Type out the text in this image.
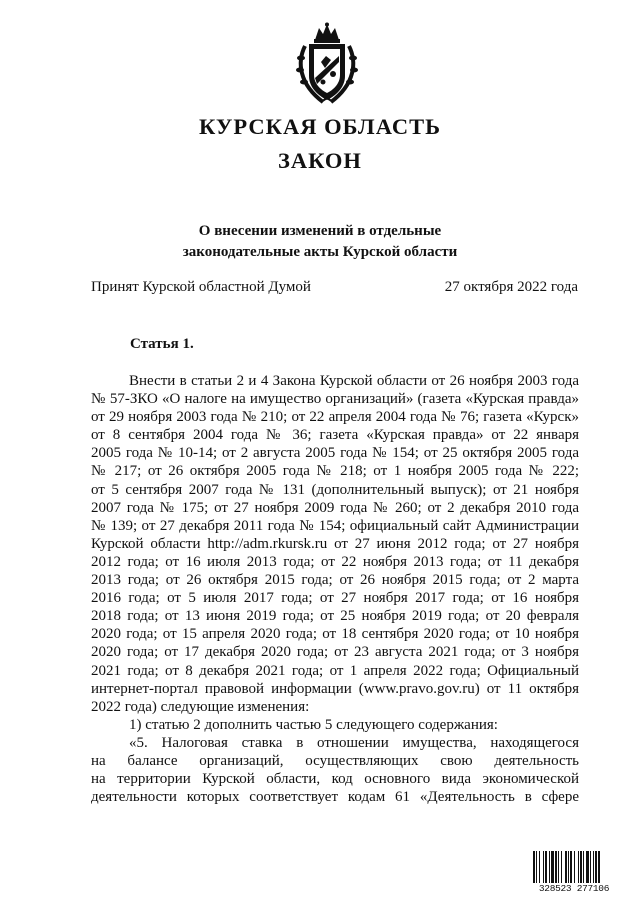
КУРСКАЯ ОБЛАСТЬ
ЗАКОН
О внесении изменений в отдельные
законодательные акты Курской области
Принят Курской областной Думой	27 октября 2022 года
Статья 1.
Внести в статьи 2 и 4 Закона Курской области от 26 ноября 2003 года
№ 57-ЗКО «О налоге на имущество организаций» (газета «Курская правда»
от 29 ноября 2003 года № 210; от 22 апреля 2004 года № 76; газета «Курск»
от 8 сентября 2004 года № 36; газета «Курская правда» от 22 января
2005 года № 10-14; от 2 августа 2005 года № 154; от 25 октября 2005 года
№ 217; от 26 октября 2005 года № 218; от 1 ноября 2005 года № 222;
от 5 сентября 2007 года № 131 (дополнительный выпуск); от 21 ноября
2007 года № 175; от 27 ноября 2009 года № 260; от 2 декабря 2010 года
№ 139; от 27 декабря 2011 года № 154; официальный сайт Администрации
Курской области http://adm.rkursk.ru от 27 июня 2012 года; от 27 ноября
2012 года; от 16 июля 2013 года; от 22 ноября 2013 года; от 11 декабря
2013 года; от 26 октября 2015 года; от 26 ноября 2015 года; от 2 марта
2016 года; от 5 июля 2017 года; от 27 ноября 2017 года; от 16 ноября
2018 года; от 13 июня 2019 года; от 25 ноября 2019 года; от 20 февраля
2020 года; от 15 апреля 2020 года; от 18 сентября 2020 года; от 10 ноября
2020 года; от 17 декабря 2020 года; от 23 августа 2021 года; от 3 ноября
2021 года; от 8 декабря 2021 года; от 1 апреля 2022 года; Официальный
интернет-портал правовой информации (www.pravo.gov.ru) от 11 октября
2022 года) следующие изменения:
1) статью 2 дополнить частью 5 следующего содержания:
«5. Налоговая ставка в отношении имущества, находящегося
на балансе организаций, осуществляющих свою деятельность
на территории Курской области, код основного вида экономической
деятельности которых соответствует кодам 61 «Деятельность в сфере
328523 277106
